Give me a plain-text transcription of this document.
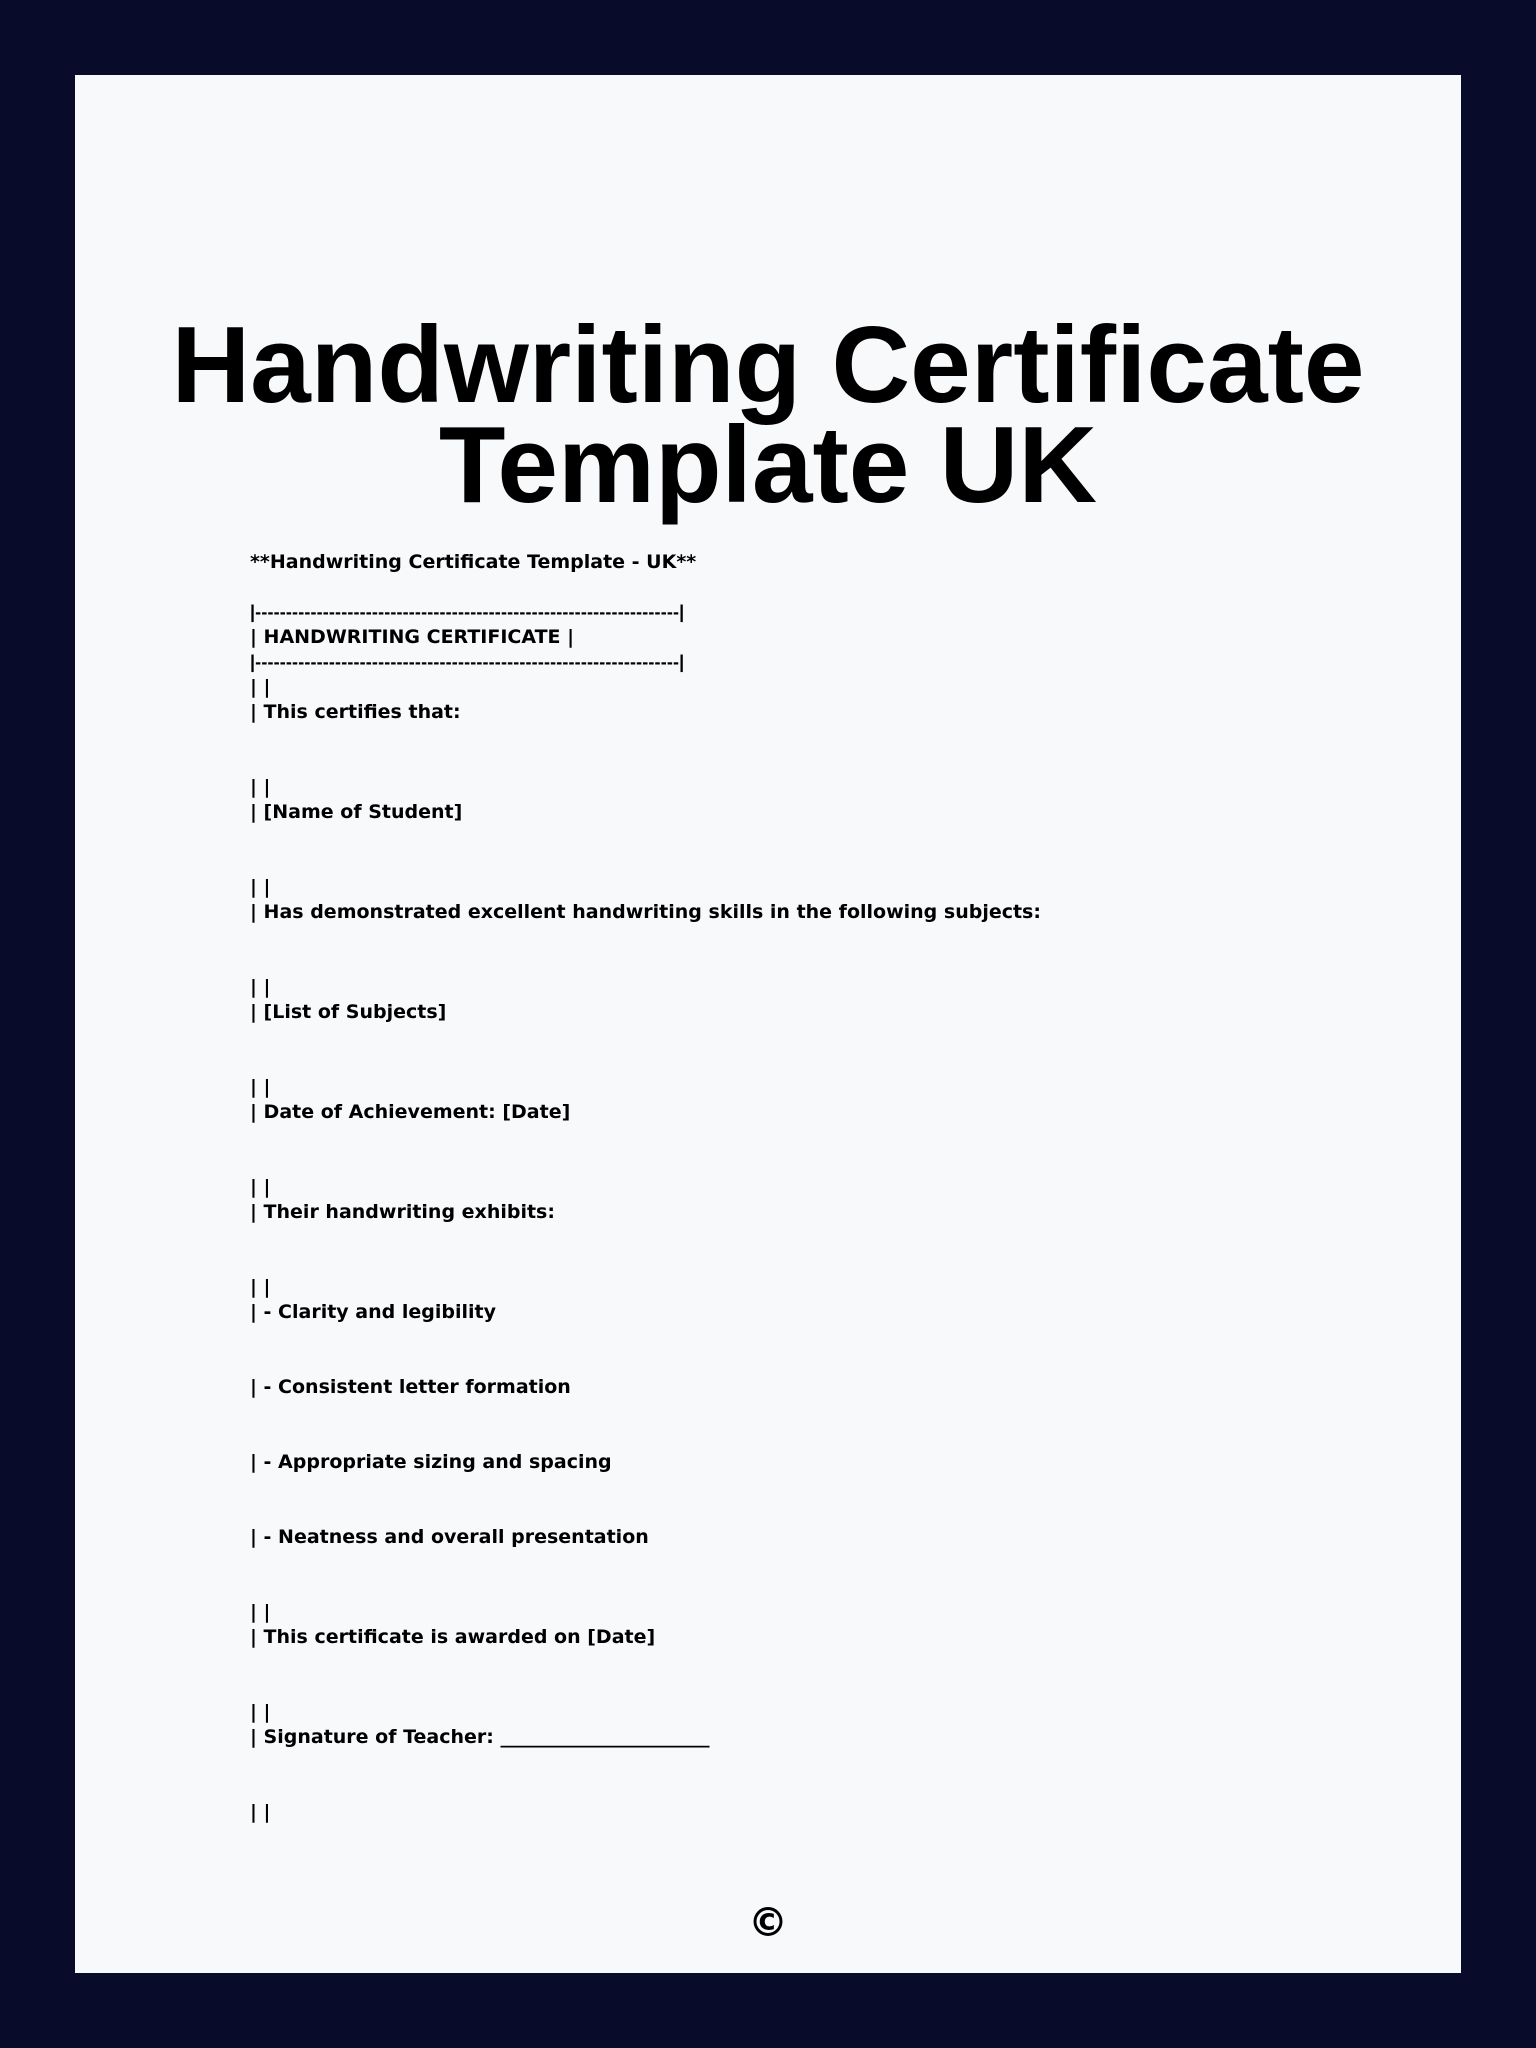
Handwriting Certificate Template UK
**Handwriting Certificate Template - UK**
|---------------------------------------------------------------------|
| HANDWRITING CERTIFICATE |
|---------------------------------------------------------------------|
| |
| This certifies that:
| |
| [Name of Student]
| |
| Has demonstrated excellent handwriting skills in the following subjects:
| |
| [List of Subjects]
| |
| Date of Achievement: [Date]
| |
| Their handwriting exhibits:
| |
| - Clarity and legibility
| - Consistent letter formation
| - Appropriate sizing and spacing
| - Neatness and overall presentation
| |
| This certificate is awarded on [Date]
| |
| Signature of Teacher: ______________________
| |
©
